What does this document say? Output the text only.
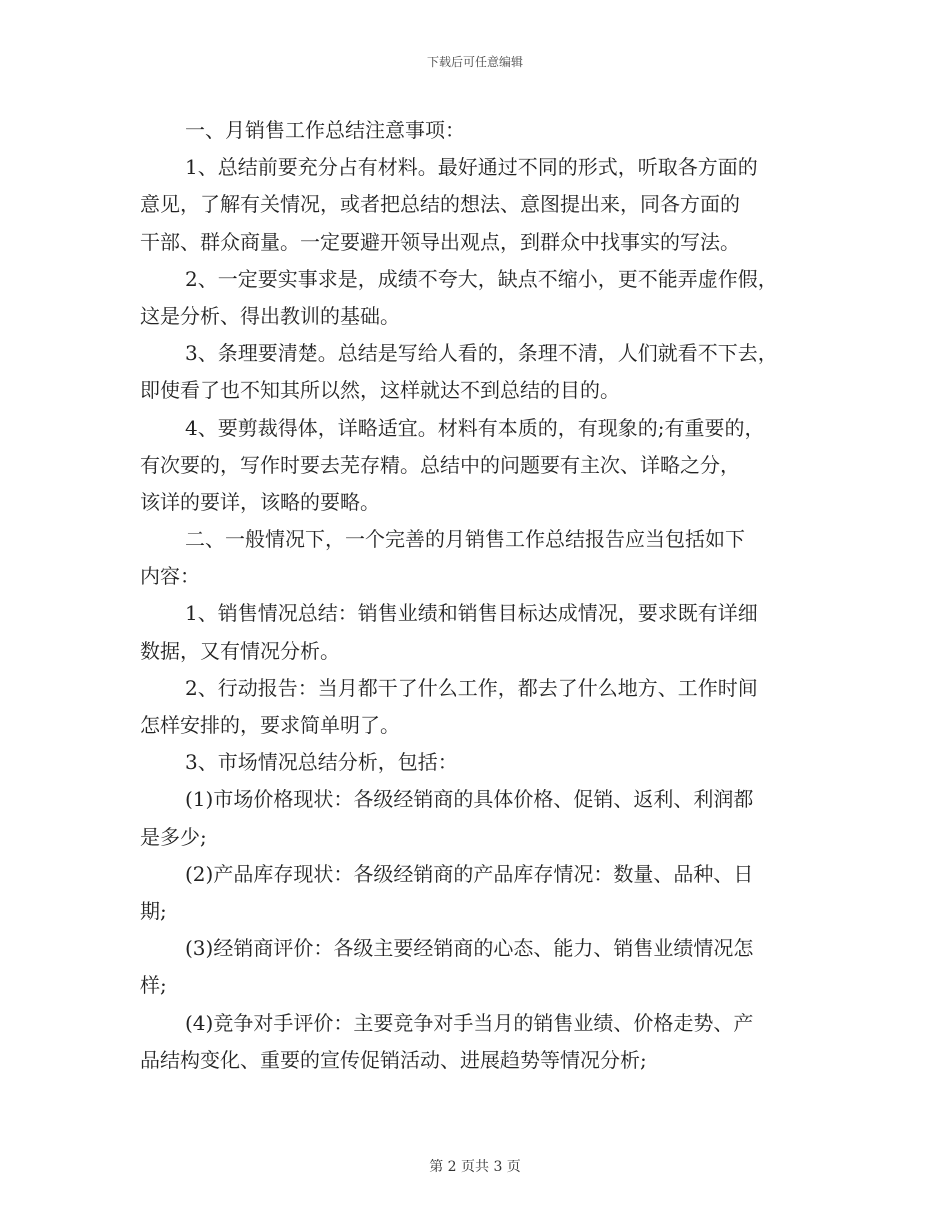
下载后可任意编辑
一、月销售工作总结注意事项：
1、总结前要充分占有材料。最好通过不同的形式，听取各方面的
意见，了解有关情况，或者把总结的想法、意图提出来，同各方面的
干部、群众商量。一定要避开领导出观点，到群众中找事实的写法。
2、一定要实事求是，成绩不夸大，缺点不缩小，更不能弄虚作假，
这是分析、得出教训的基础。
3、条理要清楚。总结是写给人看的，条理不清，人们就看不下去，
即使看了也不知其所以然，这样就达不到总结的目的。
4、要剪裁得体，详略适宜。材料有本质的，有现象的;有重要的，
有次要的，写作时要去芜存精。总结中的问题要有主次、详略之分，
该详的要详，该略的要略。
二、一般情况下，一个完善的月销售工作总结报告应当包括如下
内容：
1、销售情况总结：销售业绩和销售目标达成情况，要求既有详细
数据，又有情况分析。
2、行动报告：当月都干了什么工作，都去了什么地方、工作时间
怎样安排的，要求简单明了。
3、市场情况总结分析，包括：
(1)市场价格现状：各级经销商的具体价格、促销、返利、利润都
是多少;
(2)产品库存现状：各级经销商的产品库存情况：数量、品种、日
期;
(3)经销商评价：各级主要经销商的心态、能力、销售业绩情况怎
样;
(4)竞争对手评价：主要竞争对手当月的销售业绩、价格走势、产
品结构变化、重要的宣传促销活动、进展趋势等情况分析;
第 2 页共 3 页
